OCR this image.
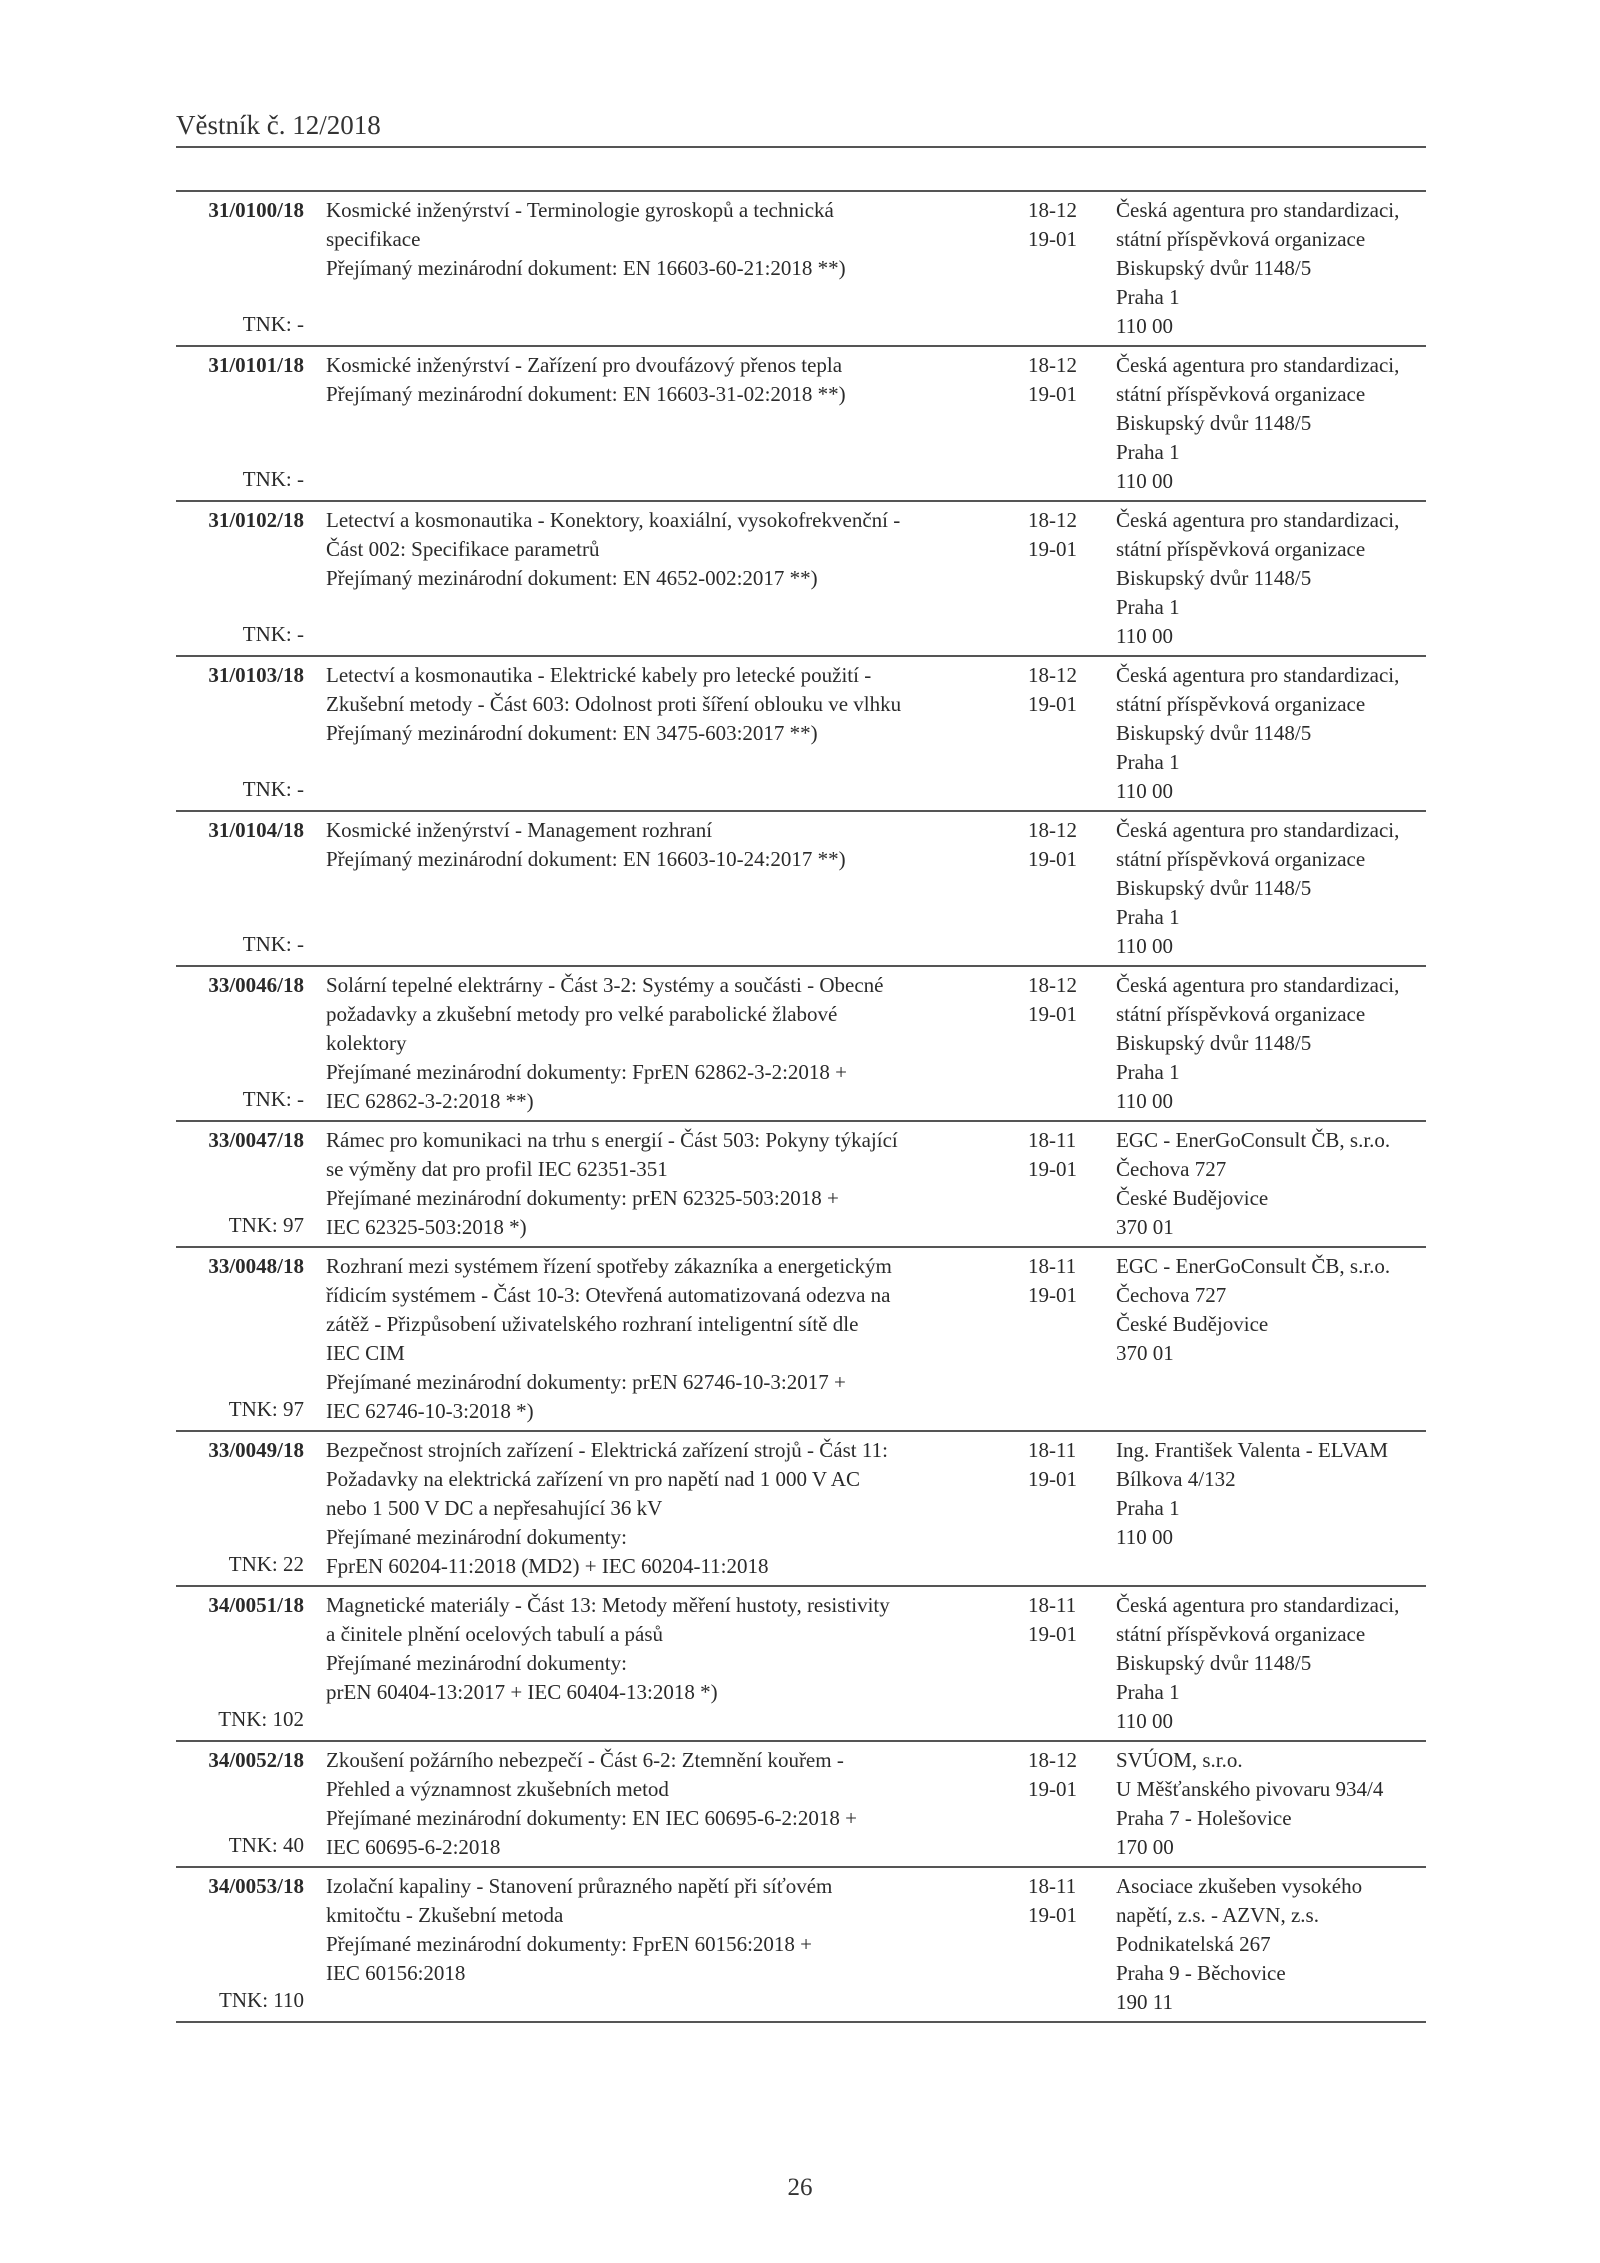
Věstník č. 12/2018
31/0100/18
TNK: -
Kosmické inženýrství - Terminologie gyroskopů a technická
specifikace
Přejímaný mezinárodní dokument: EN 16603-60-21:2018 **)
18-12
19-01
Česká agentura pro standardizaci,
státní příspěvková organizace
Biskupský dvůr 1148/5
Praha 1
110 00
31/0101/18
TNK: -
Kosmické inženýrství - Zařízení pro dvoufázový přenos tepla
Přejímaný mezinárodní dokument: EN 16603-31-02:2018 **)
18-12
19-01
Česká agentura pro standardizaci,
státní příspěvková organizace
Biskupský dvůr 1148/5
Praha 1
110 00
31/0102/18
TNK: -
Letectví a kosmonautika - Konektory, koaxiální, vysokofrekvenční -
Část 002: Specifikace parametrů
Přejímaný mezinárodní dokument: EN 4652-002:2017 **)
18-12
19-01
Česká agentura pro standardizaci,
státní příspěvková organizace
Biskupský dvůr 1148/5
Praha 1
110 00
31/0103/18
TNK: -
Letectví a kosmonautika - Elektrické kabely pro letecké použití -
Zkušební metody - Část 603: Odolnost proti šíření oblouku ve vlhku
Přejímaný mezinárodní dokument: EN 3475-603:2017 **)
18-12
19-01
Česká agentura pro standardizaci,
státní příspěvková organizace
Biskupský dvůr 1148/5
Praha 1
110 00
31/0104/18
TNK: -
Kosmické inženýrství - Management rozhraní
Přejímaný mezinárodní dokument: EN 16603-10-24:2017 **)
18-12
19-01
Česká agentura pro standardizaci,
státní příspěvková organizace
Biskupský dvůr 1148/5
Praha 1
110 00
33/0046/18
TNK: -
Solární tepelné elektrárny - Část 3-2: Systémy a součásti - Obecné
požadavky a zkušební metody pro velké parabolické žlabové
kolektory
Přejímané mezinárodní dokumenty: FprEN 62862-3-2:2018 +
IEC 62862-3-2:2018 **)
18-12
19-01
Česká agentura pro standardizaci,
státní příspěvková organizace
Biskupský dvůr 1148/5
Praha 1
110 00
33/0047/18
TNK: 97
Rámec pro komunikaci na trhu s energií - Část 503: Pokyny týkající
se výměny dat pro profil IEC 62351-351
Přejímané mezinárodní dokumenty: prEN 62325-503:2018 +
IEC 62325-503:2018 *)
18-11
19-01
EGC - EnerGoConsult ČB, s.r.o.
Čechova 727
České Budějovice
370 01
33/0048/18
TNK: 97
Rozhraní mezi systémem řízení spotřeby zákazníka a energetickým
řídicím systémem - Část 10-3: Otevřená automatizovaná odezva na
zátěž - Přizpůsobení uživatelského rozhraní inteligentní sítě dle
IEC CIM
Přejímané mezinárodní dokumenty: prEN 62746-10-3:2017 +
IEC 62746-10-3:2018 *)
18-11
19-01
EGC - EnerGoConsult ČB, s.r.o.
Čechova 727
České Budějovice
370 01
33/0049/18
TNK: 22
Bezpečnost strojních zařízení - Elektrická zařízení strojů - Část 11:
Požadavky na elektrická zařízení vn pro napětí nad 1 000 V AC
nebo 1 500 V DC a nepřesahující 36 kV
Přejímané mezinárodní dokumenty:
FprEN 60204-11:2018 (MD2) + IEC 60204-11:2018
18-11
19-01
Ing. František Valenta - ELVAM
Bílkova 4/132
Praha 1
110 00
34/0051/18
TNK: 102
Magnetické materiály - Část 13: Metody měření hustoty, resistivity
a činitele plnění ocelových tabulí a pásů
Přejímané mezinárodní dokumenty:
prEN 60404-13:2017 + IEC 60404-13:2018 *)
18-11
19-01
Česká agentura pro standardizaci,
státní příspěvková organizace
Biskupský dvůr 1148/5
Praha 1
110 00
34/0052/18
TNK: 40
Zkoušení požárního nebezpečí - Část 6-2: Ztemnění kouřem -
Přehled a významnost zkušebních metod
Přejímané mezinárodní dokumenty: EN IEC 60695-6-2:2018 +
IEC 60695-6-2:2018
18-12
19-01
SVÚOM, s.r.o.
U Měšťanského pivovaru 934/4
Praha 7 - Holešovice
170 00
34/0053/18
TNK: 110
Izolační kapaliny - Stanovení průrazného napětí při síťovém
kmitočtu - Zkušební metoda
Přejímané mezinárodní dokumenty: FprEN 60156:2018 +
IEC 60156:2018
18-11
19-01
Asociace zkušeben vysokého
napětí, z.s. - AZVN, z.s.
Podnikatelská 267
Praha 9 - Běchovice
190 11
26
